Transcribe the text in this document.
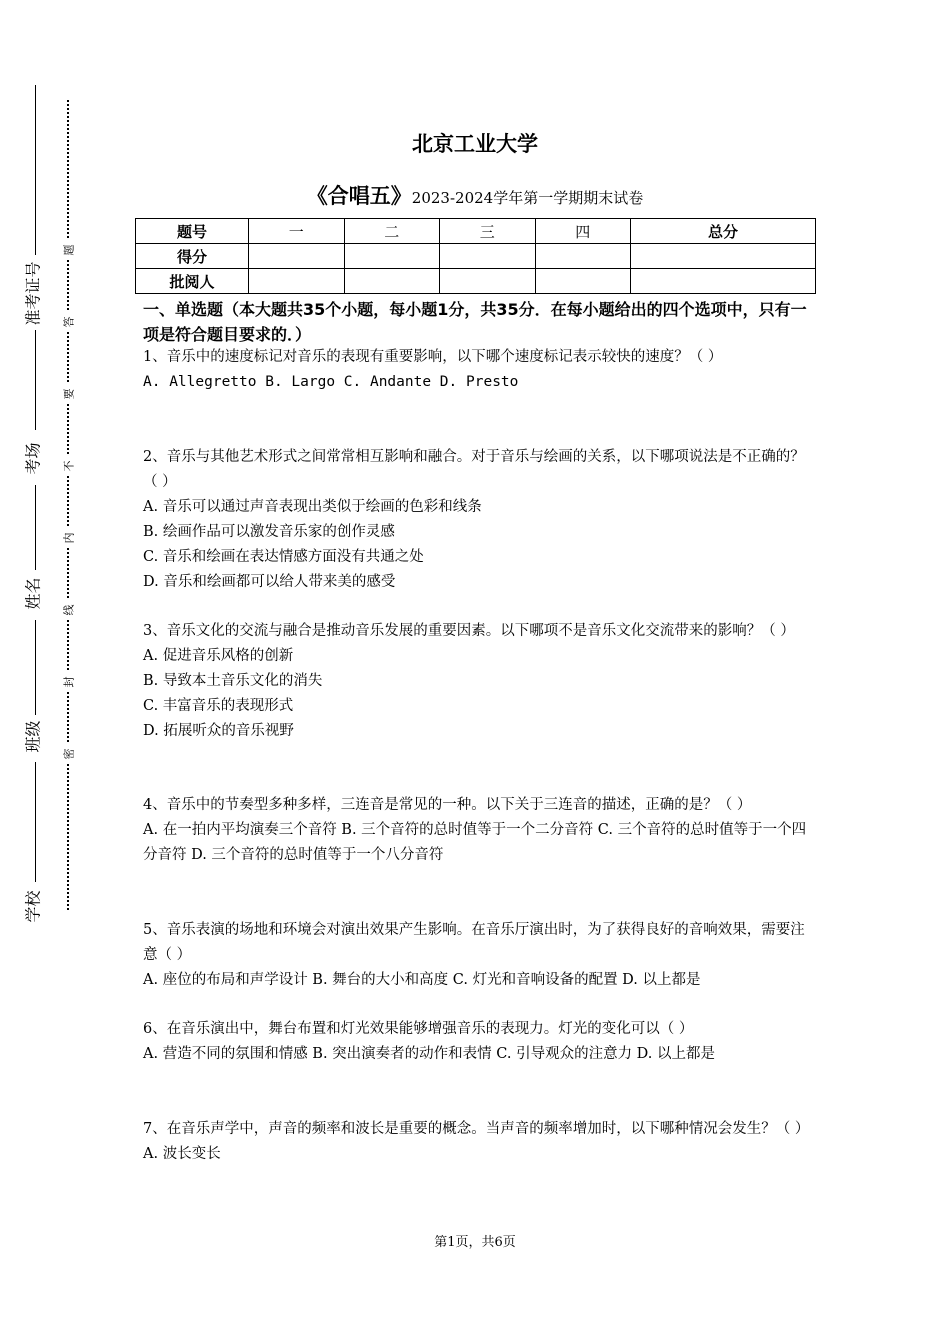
准考证号
考场
姓名
班级
学校
题
答
要
不
内
线
封
密
北京工业大学
《合唱五》2023-2024学年第一学期期末试卷
题号	一	二	三	四	总分
得分					
批阅人					
一、单选题（本大题共35个小题，每小题1分，共35分．在每小题给出的四个选项中，只有一项是符合题目要求的．）
1、音乐中的速度标记对音乐的表现有重要影响，以下哪个速度标记表示较快的速度？（ ）
A. Allegretto B. Largo C. Andante D. Presto
2、音乐与其他艺术形式之间常常相互影响和融合。对于音乐与绘画的关系，以下哪项说法是不正确的？（ ）
A. 音乐可以通过声音表现出类似于绘画的色彩和线条
B. 绘画作品可以激发音乐家的创作灵感
C. 音乐和绘画在表达情感方面没有共通之处
D. 音乐和绘画都可以给人带来美的感受
3、音乐文化的交流与融合是推动音乐发展的重要因素。以下哪项不是音乐文化交流带来的影响？（ ）
A. 促进音乐风格的创新
B. 导致本土音乐文化的消失
C. 丰富音乐的表现形式
D. 拓展听众的音乐视野
4、音乐中的节奏型多种多样，三连音是常见的一种。以下关于三连音的描述，正确的是？（ ）
A. 在一拍内平均演奏三个音符 B. 三个音符的总时值等于一个二分音符 C. 三个音符的总时值等于一个四分音符 D. 三个音符的总时值等于一个八分音符
5、音乐表演的场地和环境会对演出效果产生影响。在音乐厅演出时，为了获得良好的音响效果，需要注意（ ）
A. 座位的布局和声学设计 B. 舞台的大小和高度 C. 灯光和音响设备的配置 D. 以上都是
6、在音乐演出中，舞台布置和灯光效果能够增强音乐的表现力。灯光的变化可以（ ）
A. 营造不同的氛围和情感 B. 突出演奏者的动作和表情 C. 引导观众的注意力 D. 以上都是
7、在音乐声学中，声音的频率和波长是重要的概念。当声音的频率增加时，以下哪种情况会发生？（ ）
A. 波长变长
第1页，共6页
